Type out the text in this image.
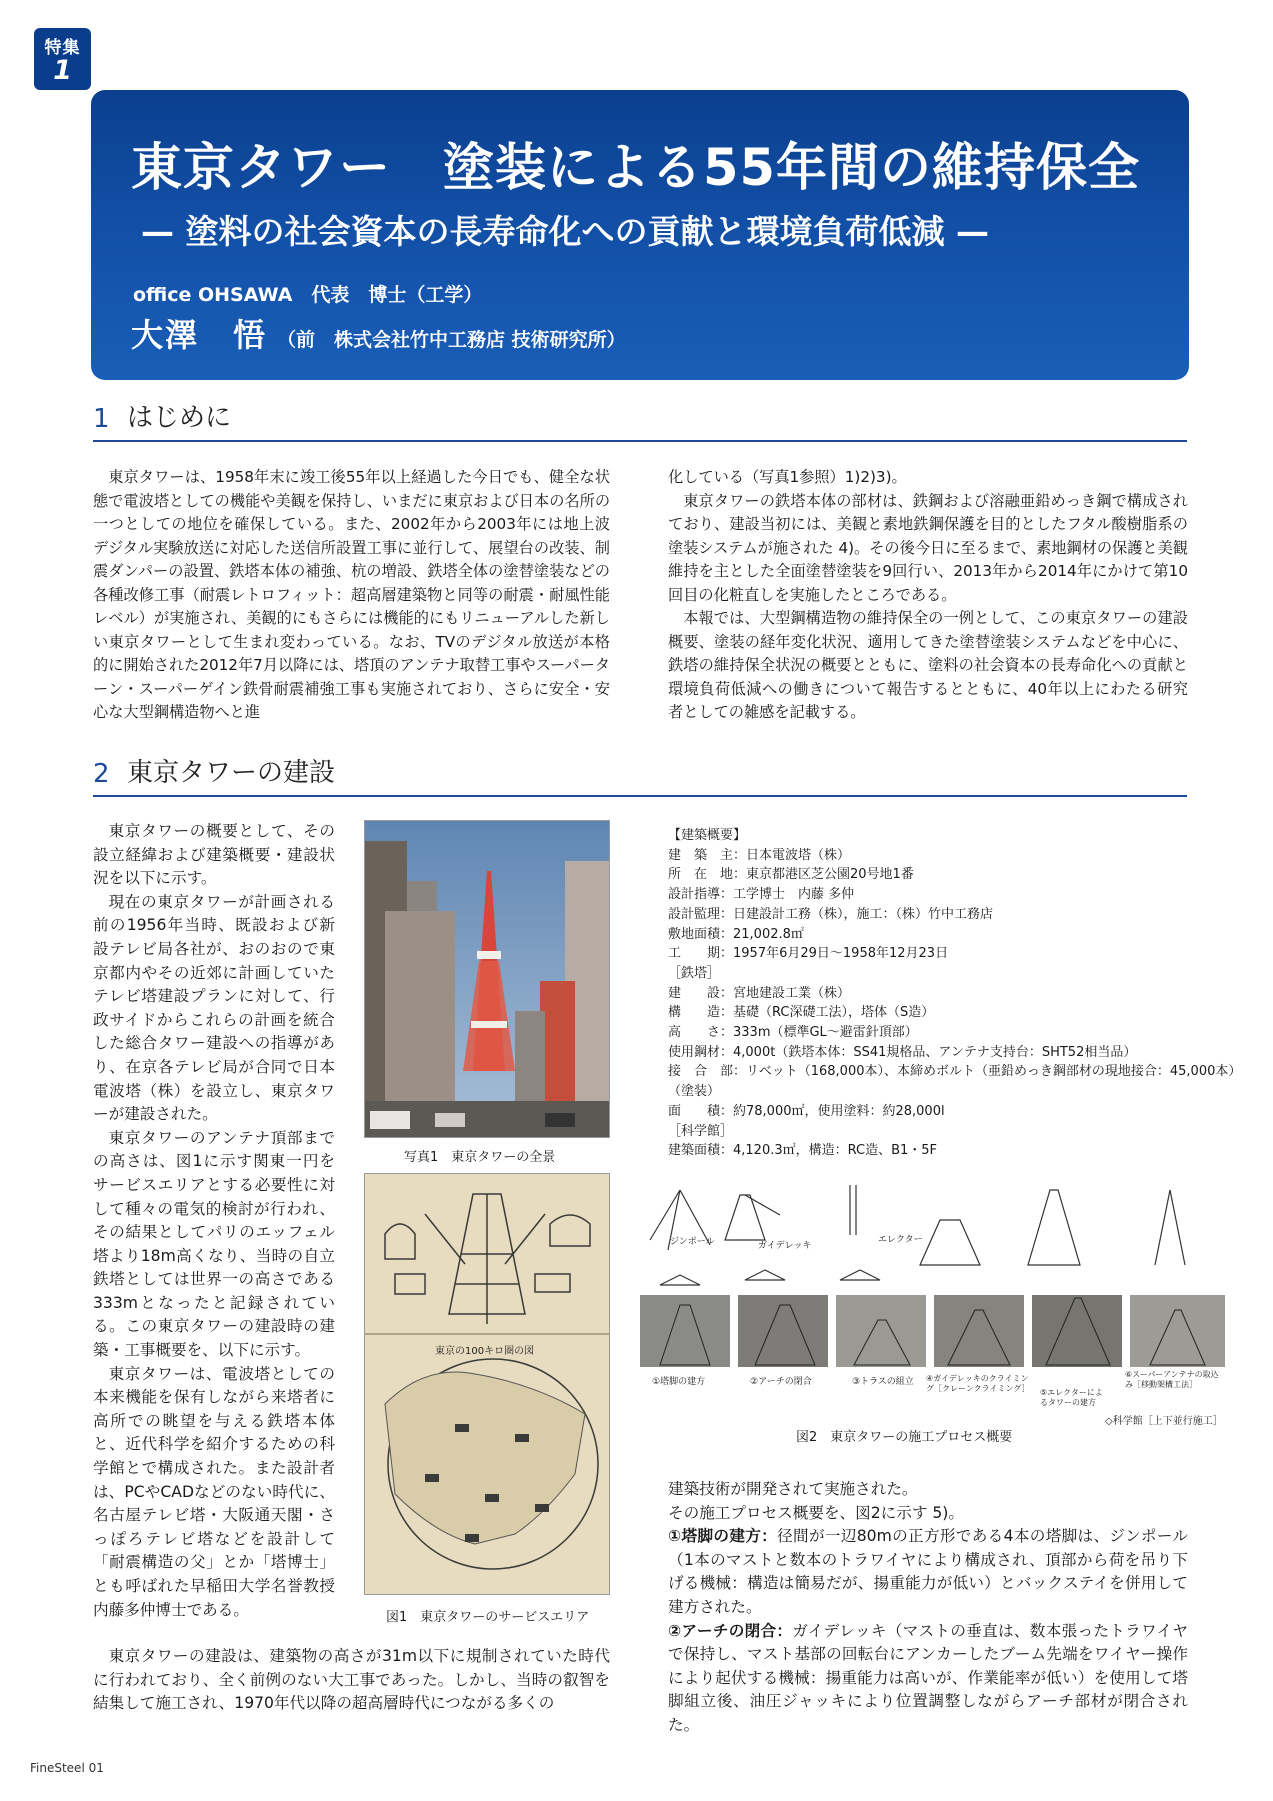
特集
1
東京タワー　塗装による55年間の維持保全
— 塗料の社会資本の長寿命化への貢献と環境負荷低減 —
office OHSAWA　代表　博士（工学）
大澤　悟 （前　株式会社竹中工務店 技術研究所）
1 はじめに

東京タワーは、1958年末に竣工後55年以上経過した今日でも、健全な状態で電波塔としての機能や美観を保持し、いまだに東京および日本の名所の一つとしての地位を確保している。また、2002年から2003年には地上波デジタル実験放送に対応した送信所設置工事に並行して、展望台の改装、制震ダンパーの設置、鉄塔本体の補強、杭の増設、鉄塔全体の塗替塗装などの各種改修工事（耐震レトロフィット：超高層建築物と同等の耐震・耐風性能レベル）が実施され、美観的にもさらには機能的にもリニューアルした新しい東京タワーとして生まれ変わっている。なお、TVのデジタル放送が本格的に開始された2012年7月以降には、塔頂のアンテナ取替工事やスーパーターン・スーパーゲイン鉄骨耐震補強工事も実施されており、さらに安全・安心な大型鋼構造物へと進

化している（写真1参照）1)2)3)。

東京タワーの鉄塔本体の部材は、鉄鋼および溶融亜鉛めっき鋼で構成されており、建設当初には、美観と素地鉄鋼保護を目的としたフタル酸樹脂系の塗装システムが施された 4)。その後今日に至るまで、素地鋼材の保護と美観維持を主とした全面塗替塗装を9回行い、2013年から2014年にかけて第10回目の化粧直しを実施したところである。

本報では、大型鋼構造物の維持保全の一例として、この東京タワーの建設概要、塗装の経年変化状況、適用してきた塗替塗装システムなどを中心に、鉄塔の維持保全状況の概要とともに、塗料の社会資本の長寿命化への貢献と環境負荷低減への働きについて報告するとともに、40年以上にわたる研究者としての雑感を記載する。

2 東京タワーの建設

東京タワーの概要として、その設立経緯および建築概要・建設状況を以下に示す。

現在の東京タワーが計画される前の1956年当時、既設および新設テレビ局各社が、おのおので東京都内やその近郊に計画していたテレビ塔建設プランに対して、行政サイドからこれらの計画を統合した総合タワー建設への指導があり、在京各テレビ局が合同で日本電波塔（株）を設立し、東京タワーが建設された。

東京タワーのアンテナ頂部までの高さは、図1に示す関東一円をサービスエリアとする必要性に対して種々の電気的検討が行われ、その結果としてパリのエッフェル塔より18m高くなり、当時の自立鉄塔としては世界一の高さである333mとなったと記録されている。この東京タワーの建設時の建築・工事概要を、以下に示す。

東京タワーは、電波塔としての本来機能を保有しながら来塔者に高所での眺望を与える鉄塔本体と、近代科学を紹介するための科学館とで構成された。また設計者は、PCやCADなどのない時代に、名古屋テレビ塔・大阪通天閣・さっぽろテレビ塔などを設計して「耐震構造の父」とか「塔博士」とも呼ばれた早稲田大学名誉教授 内藤多仲博士である。

東京タワーの建設は、建築物の高さが31m以下に規制されていた時代に行われており、全く前例のない大工事であった。しかし、当時の叡智を結集して施工され、1970年代以降の超高層時代につながる多くの

写真1　東京タワーの全景
東京の100キロ圏の図
図1　東京タワーのサービスエリア
【建築概要】
建　築　主：日本電波塔（株）
所　在　地：東京都港区芝公園20号地1番
設計指導：工学博士　内藤 多仲
設計監理：日建設計工務（株），施工：（株）竹中工務店
敷地面積：21,002.8㎡
工　　期：1957年6月29日～1958年12月23日
［鉄塔］
建　　設：宮地建設工業（株）
構　　造：基礎（RC深礎工法），塔体（S造）
高　　さ：333m（標準GL～避雷針頂部）
使用鋼材：4,000t（鉄塔本体：SS41規格品、アンテナ支持台：SHT52相当品）
接　合　部：リベット（168,000本）、本締めボルト（亜鉛めっき鋼部材の現地接合：45,000本）
（塗装）
面　　積：約78,000㎡，使用塗料：約28,000l
［科学館］
建築面積：4,120.3㎡，構造：RC造、B1・5F
ジンポール	ガイデレッキ
エレクター
①塔脚の建方	②アーチの閉合	③トラスの組立 ④ガイデレッキのクライミング［クレーンクライミング］	⑤エレクターによるタワーの建方
⑥スーパーアンテナの取込み［移動架構工法］
◇科学館［上下並行施工］
図2　東京タワーの施工プロセス概要

建築技術が開発されて実施された。

その施工プロセス概要を、図2に示す 5)。

①塔脚の建方：径間が一辺80mの正方形である4本の塔脚は、ジンポール（1本のマストと数本のトラワイヤにより構成され、頂部から荷を吊り下げる機械：構造は簡易だが、揚重能力が低い）とバックステイを併用して建方された。

②アーチの閉合：ガイデレッキ（マストの垂直は、数本張ったトラワイヤで保持し、マスト基部の回転台にアンカーしたブーム先端をワイヤー操作により起伏する機械：揚重能力は高いが、作業能率が低い）を使用して塔脚組立後、油圧ジャッキにより位置調整しながらアーチ部材が閉合された。

FineSteel 01
